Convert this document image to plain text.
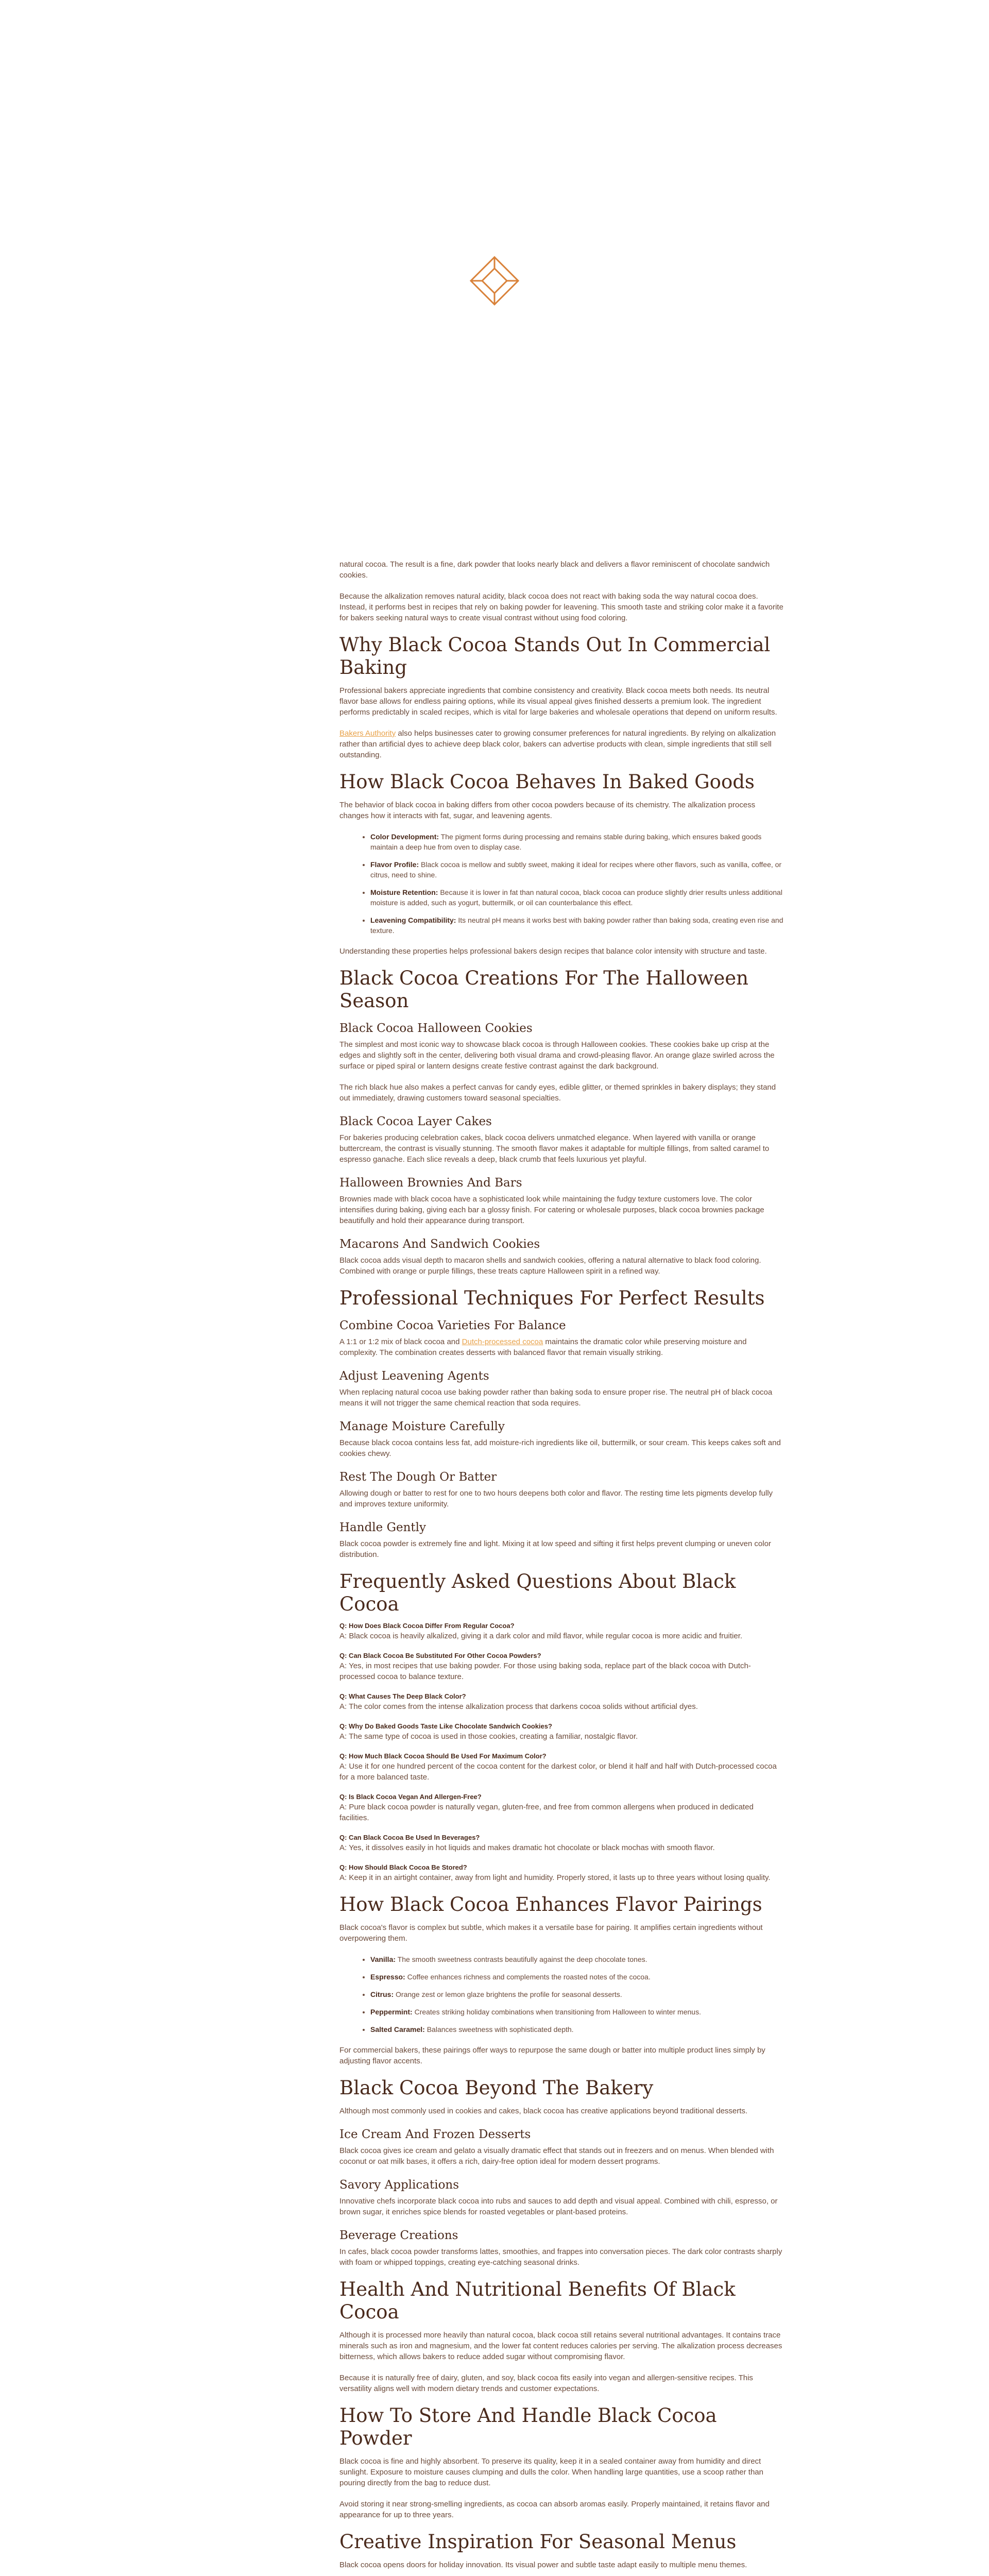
natural cocoa. The result is a fine, dark powder that looks nearly black and delivers a flavor reminiscent of chocolate sandwich cookies.

Because the alkalization removes natural acidity, black cocoa does not react with baking soda the way natural cocoa does. Instead, it performs best in recipes that rely on baking powder for leavening. This smooth taste and striking color make it a favorite for bakers seeking natural ways to create visual contrast without using food coloring.

Why Black Cocoa Stands Out In Commercial Baking

Professional bakers appreciate ingredients that combine consistency and creativity. Black cocoa meets both needs. Its neutral flavor base allows for endless pairing options, while its visual appeal gives finished desserts a premium look. The ingredient performs predictably in scaled recipes, which is vital for large bakeries and wholesale operations that depend on uniform results.

Bakers Authority also helps businesses cater to growing consumer preferences for natural ingredients. By relying on alkalization rather than artificial dyes to achieve deep black color, bakers can advertise products with clean, simple ingredients that still sell outstanding.

How Black Cocoa Behaves In Baked Goods

The behavior of black cocoa in baking differs from other cocoa powders because of its chemistry. The alkalization process changes how it interacts with fat, sugar, and leavening agents.

• Color Development: The pigment forms during processing and remains stable during baking, which ensures baked goods maintain a deep hue from oven to display case.
• Flavor Profile: Black cocoa is mellow and subtly sweet, making it ideal for recipes where other flavors, such as vanilla, coffee, or citrus, need to shine.
• Moisture Retention: Because it is lower in fat than natural cocoa, black cocoa can produce slightly drier results unless additional moisture is added, such as yogurt, buttermilk, or oil can counterbalance this effect.
• Leavening Compatibility: Its neutral pH means it works best with baking powder rather than baking soda, creating even rise and texture.

Understanding these properties helps professional bakers design recipes that balance color intensity with structure and taste.

Black Cocoa Creations For The Halloween Season
Black Cocoa Halloween Cookies

The simplest and most iconic way to showcase black cocoa is through Halloween cookies. These cookies bake up crisp at the edges and slightly soft in the center, delivering both visual drama and crowd-pleasing flavor. An orange glaze swirled across the surface or piped spiral or lantern designs create festive contrast against the dark background.

The rich black hue also makes a perfect canvas for candy eyes, edible glitter, or themed sprinkles in bakery displays; they stand out immediately, drawing customers toward seasonal specialties.

Black Cocoa Layer Cakes

For bakeries producing celebration cakes, black cocoa delivers unmatched elegance. When layered with vanilla or orange buttercream, the contrast is visually stunning. The smooth flavor makes it adaptable for multiple fillings, from salted caramel to espresso ganache. Each slice reveals a deep, black crumb that feels luxurious yet playful.

Halloween Brownies And Bars

Brownies made with black cocoa have a sophisticated look while maintaining the fudgy texture customers love. The color intensifies during baking, giving each bar a glossy finish. For catering or wholesale purposes, black cocoa brownies package beautifully and hold their appearance during transport.

Macarons And Sandwich Cookies

Black cocoa adds visual depth to macaron shells and sandwich cookies, offering a natural alternative to black food coloring. Combined with orange or purple fillings, these treats capture Halloween spirit in a refined way.

Professional Techniques For Perfect Results
Combine Cocoa Varieties For Balance

A 1:1 or 1:2 mix of black cocoa and Dutch-processed cocoa maintains the dramatic color while preserving moisture and complexity. The combination creates desserts with balanced flavor that remain visually striking.

Adjust Leavening Agents

When replacing natural cocoa use baking powder rather than baking soda to ensure proper rise. The neutral pH of black cocoa means it will not trigger the same chemical reaction that soda requires.

Manage Moisture Carefully

Because black cocoa contains less fat, add moisture-rich ingredients like oil, buttermilk, or sour cream. This keeps cakes soft and cookies chewy.

Rest The Dough Or Batter

Allowing dough or batter to rest for one to two hours deepens both color and flavor. The resting time lets pigments develop fully and improves texture uniformity.

Handle Gently

Black cocoa powder is extremely fine and light. Mixing it at low speed and sifting it first helps prevent clumping or uneven color distribution.

Frequently Asked Questions About Black Cocoa
Q: How Does Black Cocoa Differ From Regular Cocoa?

A: Black cocoa is heavily alkalized, giving it a dark color and mild flavor, while regular cocoa is more acidic and fruitier.

Q: Can Black Cocoa Be Substituted For Other Cocoa Powders?

A: Yes, in most recipes that use baking powder. For those using baking soda, replace part of the black cocoa with Dutch-processed cocoa to balance texture.

Q: What Causes The Deep Black Color?

A: The color comes from the intense alkalization process that darkens cocoa solids without artificial dyes.

Q: Why Do Baked Goods Taste Like Chocolate Sandwich Cookies?

A: The same type of cocoa is used in those cookies, creating a familiar, nostalgic flavor.

Q: How Much Black Cocoa Should Be Used For Maximum Color?

A: Use it for one hundred percent of the cocoa content for the darkest color, or blend it half and half with Dutch-processed cocoa for a more balanced taste.

Q: Is Black Cocoa Vegan And Allergen-Free?

A: Pure black cocoa powder is naturally vegan, gluten-free, and free from common allergens when produced in dedicated facilities.

Q: Can Black Cocoa Be Used In Beverages?

A: Yes, it dissolves easily in hot liquids and makes dramatic hot chocolate or black mochas with smooth flavor.

Q: How Should Black Cocoa Be Stored?

A: Keep it in an airtight container, away from light and humidity. Properly stored, it lasts up to three years without losing quality.

How Black Cocoa Enhances Flavor Pairings

Black cocoa's flavor is complex but subtle, which makes it a versatile base for pairing. It amplifies certain ingredients without overpowering them.

• Vanilla: The smooth sweetness contrasts beautifully against the deep chocolate tones.
• Espresso: Coffee enhances richness and complements the roasted notes of the cocoa.
• Citrus: Orange zest or lemon glaze brightens the profile for seasonal desserts.
• Peppermint: Creates striking holiday combinations when transitioning from Halloween to winter menus.
• Salted Caramel: Balances sweetness with sophisticated depth.

For commercial bakers, these pairings offer ways to repurpose the same dough or batter into multiple product lines simply by adjusting flavor accents.

Black Cocoa Beyond The Bakery

Although most commonly used in cookies and cakes, black cocoa has creative applications beyond traditional desserts.

Ice Cream And Frozen Desserts

Black cocoa gives ice cream and gelato a visually dramatic effect that stands out in freezers and on menus. When blended with coconut or oat milk bases, it offers a rich, dairy-free option ideal for modern dessert programs.

Savory Applications

Innovative chefs incorporate black cocoa into rubs and sauces to add depth and visual appeal. Combined with chili, espresso, or brown sugar, it enriches spice blends for roasted vegetables or plant-based proteins.

Beverage Creations

In cafes, black cocoa powder transforms lattes, smoothies, and frappes into conversation pieces. The dark color contrasts sharply with foam or whipped toppings, creating eye-catching seasonal drinks.

Health And Nutritional Benefits Of Black Cocoa

Although it is processed more heavily than natural cocoa, black cocoa still retains several nutritional advantages. It contains trace minerals such as iron and magnesium, and the lower fat content reduces calories per serving. The alkalization process decreases bitterness, which allows bakers to reduce added sugar without compromising flavor.

Because it is naturally free of dairy, gluten, and soy, black cocoa fits easily into vegan and allergen-sensitive recipes. This versatility aligns well with modern dietary trends and customer expectations.

How To Store And Handle Black Cocoa Powder

Black cocoa is fine and highly absorbent. To preserve its quality, keep it in a sealed container away from humidity and direct sunlight. Exposure to moisture causes clumping and dulls the color. When handling large quantities, use a scoop rather than pouring directly from the bag to reduce dust.

Avoid storing it near strong-smelling ingredients, as cocoa can absorb aromas easily. Properly maintained, it retains flavor and appearance for up to three years.

Creative Inspiration For Seasonal Menus

Black cocoa opens doors for holiday innovation. Its visual power and subtle taste adapt easily to multiple menu themes.
